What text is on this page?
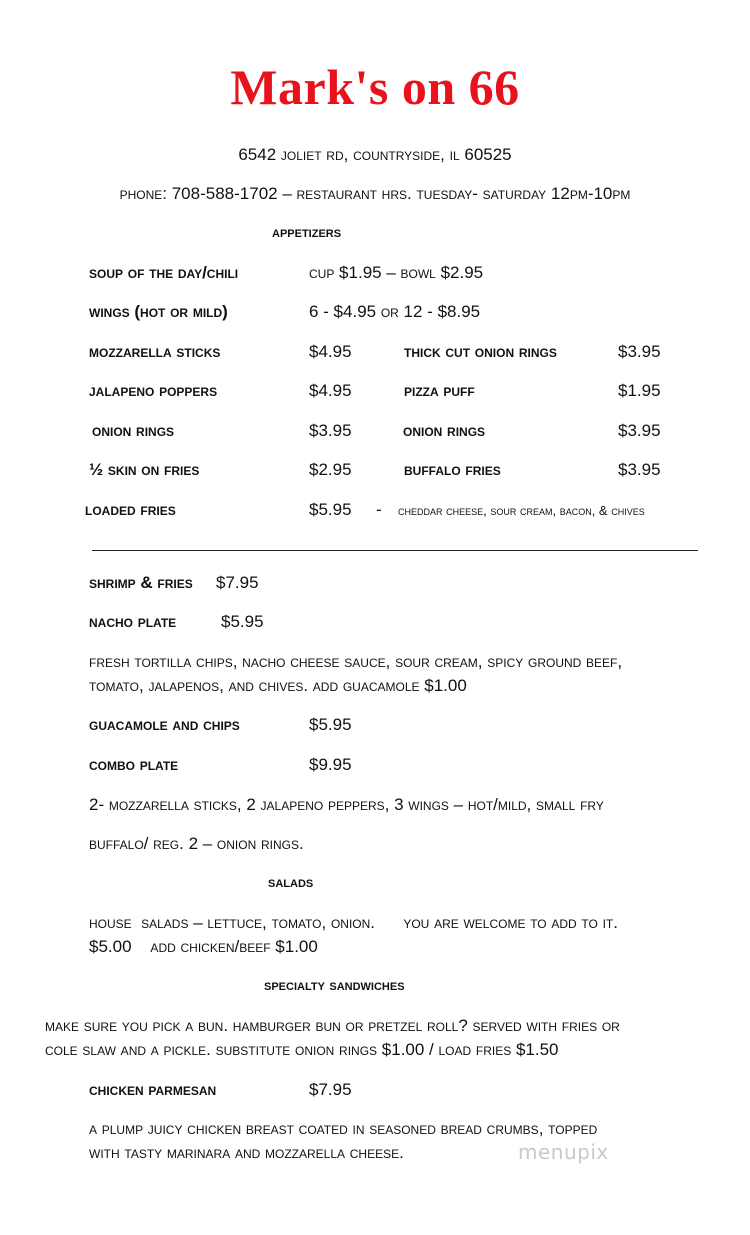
Mark's on 66
6542 joliet rd, countryside, il 60525
phone: 708-588-1702 – restaurant hrs. tuesday- saturday 12pm-10pm
appetizers
soup of the day/chili	cup $1.95 – bowl $2.95
wings (hot or mild)	6 - $4.95 or 12 - $8.95
mozzarella sticks	$4.95	thick cut onion rings	$3.95
jalapeno poppers	$4.95	pizza puff	$1.95
onion rings	$3.95	onion rings	$3.95
½ skin on fries	$2.95	buffalo fries	$3.95
loaded fries	$5.95 - cheddar cheese, sour cream, bacon, & chives
shrimp & fries $7.95
nacho plate	$5.95
fresh tortilla chips, nacho cheese sauce, sour cream, spicy ground beef,
tomato, jalapenos, and chives. add guacamole $1.00
guacamole and chips	$5.95
combo plate	$9.95
2- mozzarella sticks, 2 jalapeno peppers, 3 wings – hot/mild, small fry
buffalo/ reg. 2 – onion rings.
salads
house  salads – lettuce, tomato, onion.      you are welcome to add to it.
$5.00    add chicken/beef $1.00
specialty sandwiches
make sure you pick a bun. hamburger bun or pretzel roll? served with fries or
cole slaw and a pickle. substitute onion rings $1.00 / load fries $1.50
chicken parmesan	$7.95
a plump juicy chicken breast coated in seasoned bread crumbs, topped
with tasty marinara and mozzarella cheese.	menupix
